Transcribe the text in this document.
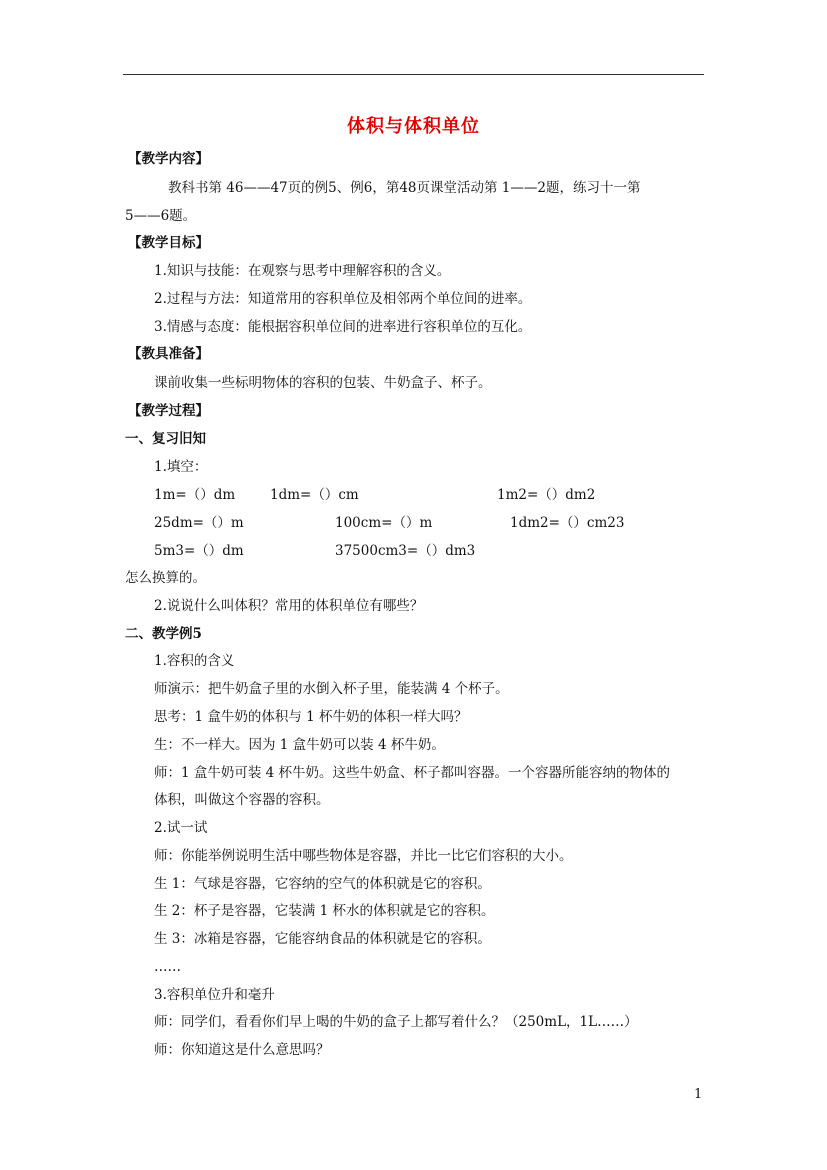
体积与体积单位
【教学内容】
教科书第 46——47页的例5、例6，第48页课堂活动第 1——2题，练习十一第
5——6题。
【教学目标】
1.知识与技能：在观察与思考中理解容积的含义。
2.过程与方法：知道常用的容积单位及相邻两个单位间的进率。
3.情感与态度：能根据容积单位间的进率进行容积单位的互化。
【教具准备】
课前收集一些标明物体的容积的包装、牛奶盒子、杯子。
【教学过程】
一、复习旧知
1.填空：
1m=（）dm	1dm=（）cm	1m2=（）dm2
25dm=（）m	100cm=（）m	1dm2=（）cm23
5m3=（）dm	37500cm3=（）dm3
怎么换算的。
2.说说什么叫体积？常用的体积单位有哪些？
二、教学例5
1.容积的含义
师演示：把牛奶盒子里的水倒入杯子里，能装满 4 个杯子。
思考：1 盒牛奶的体积与 1 杯牛奶的体积一样大吗？
生：不一样大。因为 1 盒牛奶可以装 4 杯牛奶。
师：1 盒牛奶可装 4 杯牛奶。这些牛奶盒、杯子都叫容器。一个容器所能容纳的物体的
体积，叫做这个容器的容积。
2.试一试
师：你能举例说明生活中哪些物体是容器，并比一比它们容积的大小。
生 1：气球是容器，它容纳的空气的体积就是它的容积。
生 2：杯子是容器，它装满 1 杯水的体积就是它的容积。
生 3：冰箱是容器，它能容纳食品的体积就是它的容积。
……
3.容积单位升和毫升
师：同学们，看看你们早上喝的牛奶的盒子上都写着什么？（250mL，1L……）
师：你知道这是什么意思吗？
1
